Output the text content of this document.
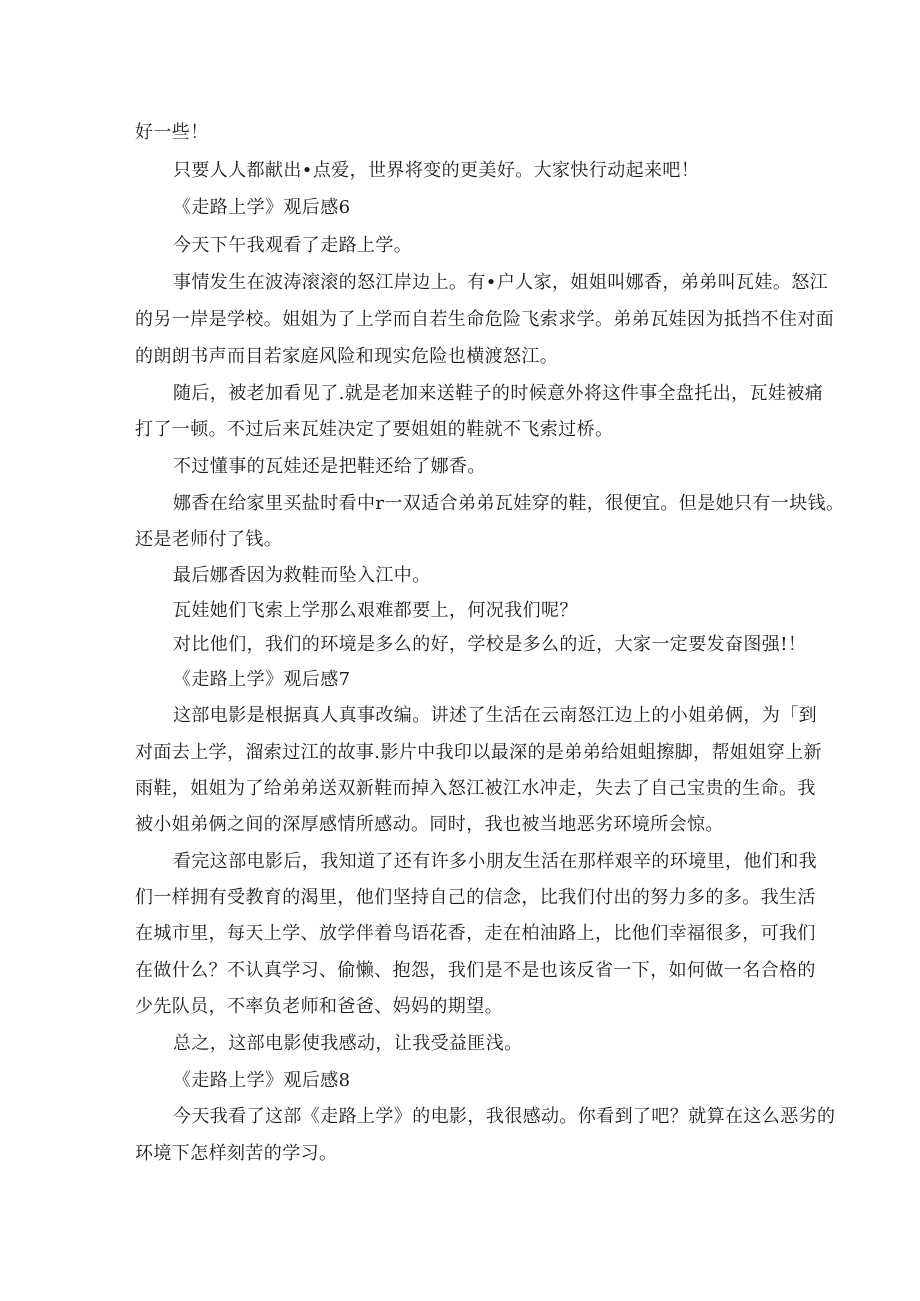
好一些！
只要人人都献出•点爱，世界将变的更美好。大家快行动起来吧！
《走路上学》观后感6
今天下午我观看了走路上学。
事情发生在波涛滚滚的怒江岸边上。有•户人家，姐姐叫娜香，弟弟叫瓦娃。怒江
的另一岸是学校。姐姐为了上学而自若生命危险飞索求学。弟弟瓦娃因为抵挡不住对面
的朗朗书声而目若家庭风险和现实危险也横渡怒江。
随后，被老加看见了.就是老加来送鞋子的时候意外将这件事全盘托出，瓦娃被痛
打了一顿。不过后来瓦娃决定了要姐姐的鞋就不飞索过桥。
不过懂事的瓦娃还是把鞋还给了娜香。
娜香在给家里买盐时看中r一双适合弟弟瓦娃穿的鞋，很便宜。但是她只有一块钱。
还是老师付了钱。
最后娜香因为救鞋而坠入江中。
瓦娃她们飞索上学那么艰难都要上，何况我们呢？
对比他们，我们的环境是多么的好，学校是多么的近，大家一定要发奋图强!！
《走路上学》观后感7
这部电影是根据真人真事改编。讲述了生活在云南怒江边上的小姐弟俩，为「到
对面去上学，溜索过江的故事.影片中我印以最深的是弟弟给姐蛆擦脚，帮姐姐穿上新
雨鞋，姐姐为了给弟弟送双新鞋而掉入怒江被江水冲走，失去了自己宝贵的生命。我
被小姐弟俩之间的深厚感情所感动。同时，我也被当地恶劣环境所会惊。
看完这部电影后，我知道了还有许多小朋友生活在那样艰辛的环境里，他们和我
们一样拥有受教育的渴里，他们坚持自己的信念，比我们付出的努力多的多。我生活
在城市里，每天上学、放学伴着鸟语花香，走在柏油路上，比他们幸福很多，可我们
在做什么？不认真学习、偷懒、抱怨，我们是不是也该反省一下，如何做一名合格的
少先队员，不率负老师和爸爸、妈妈的期望。
总之，这部电影使我感动，让我受益匪浅。
《走路上学》观后感8
今天我看了这部《走路上学》的电影，我很感动。你看到了吧？就算在这么恶劣的
环境下怎样刻苦的学习。
